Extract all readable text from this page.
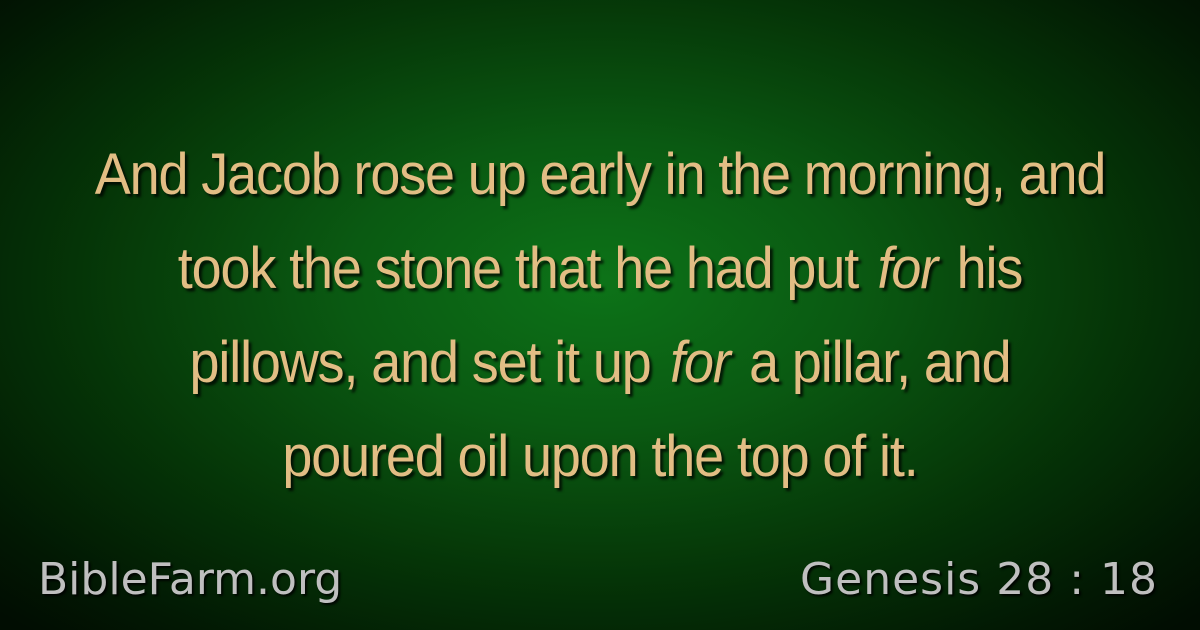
And Jacob rose up early in the morning, and
took the stone that he had put for his
pillows, and set it up for a pillar, and
poured oil upon the top of it.
BibleFarm.org	Genesis 28 : 18
